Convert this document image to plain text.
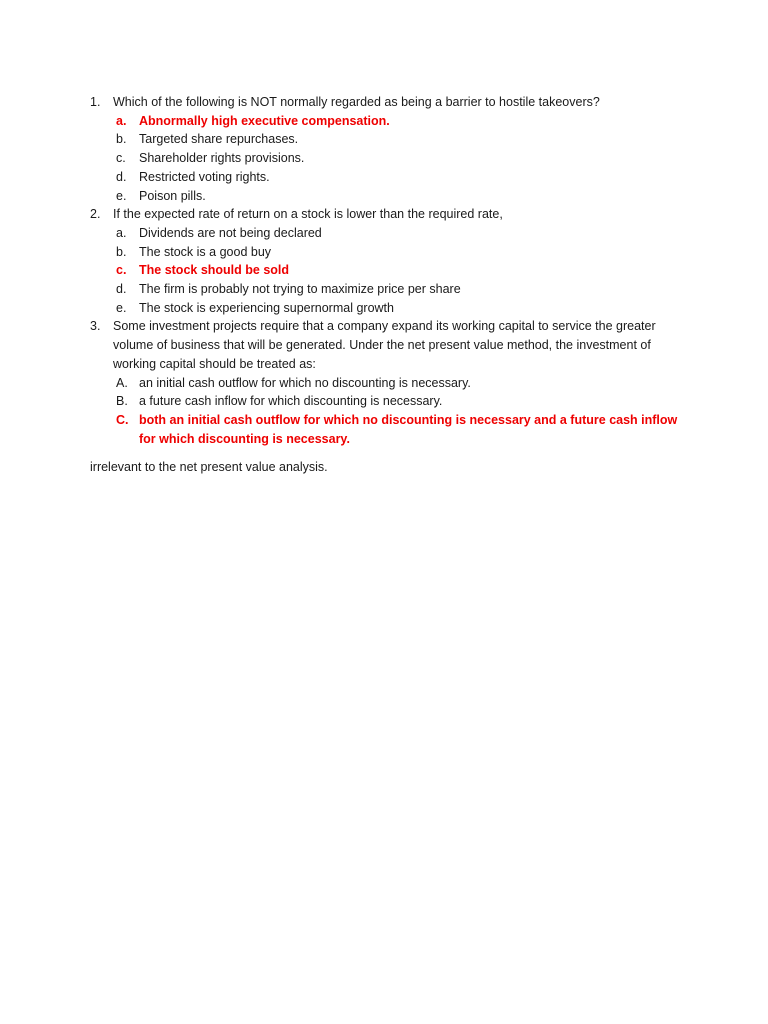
1. Which of the following is NOT normally regarded as being a barrier to hostile takeovers?
a. Abnormally high executive compensation.
b. Targeted share repurchases.
c. Shareholder rights provisions.
d. Restricted voting rights.
e. Poison pills.
2. If the expected rate of return on a stock is lower than the required rate,
a. Dividends are not being declared
b. The stock is a good buy
c. The stock should be sold
d. The firm is probably not trying to maximize price per share
e. The stock is experiencing supernormal growth
3. Some investment projects require that a company expand its working capital to service the greater volume of business that will be generated. Under the net present value method, the investment of working capital should be treated as:
A. an initial cash outflow for which no discounting is necessary.
B. a future cash inflow for which discounting is necessary.
C. both an initial cash outflow for which no discounting is necessary and a future cash inflow for which discounting is necessary.
irrelevant to the net present value analysis.
